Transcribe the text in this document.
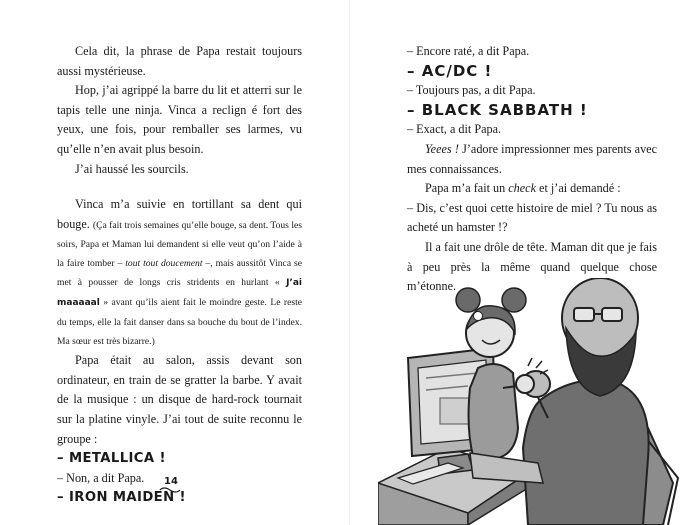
Cela dit, la phrase de Papa restait toujours aussi mystérieuse.

Hop, j’ai agrippé la barre du lit et atterri sur le tapis telle une ninja. Vinca a reclign é fort des yeux, une fois, pour remballer ses larmes, vu qu’elle n’en avait plus besoin.

J’ai haussé les sourcils.

Vinca m’a suivie en tortillant sa dent qui bouge. (Ça fait trois semaines qu’elle bouge, sa dent. Tous les soirs, Papa et Maman lui demandent si elle veut qu’on l’aide à la faire tomber – tout tout doucement –, mais aussitôt Vinca se met à pousser de longs cris stridents en hurlant « J’ai maaaaal » avant qu’ils aient fait le moindre geste. Le reste du temps, elle la fait danser dans sa bouche du bout de l’index. Ma sœur est très bizarre.)

Papa était au salon, assis devant son ordinateur, en train de se gratter la barbe. Y avait de la musique : un disque de hard-rock tournait sur la platine vinyle. J’ai tout de suite reconnu le groupe :

– METALLICA !

– Non, a dit Papa.

– IRON MAIDEN !

14

– Encore raté, a dit Papa.

– AC/DC !

– Toujours pas, a dit Papa.

– BLACK SABBATH !

– Exact, a dit Papa.

Yeees ! J’adore impressionner mes parents avec mes connaissances.

Papa m’a fait un check et j’ai demandé :

– Dis, c’est quoi cette histoire de miel ? Tu nous as acheté un hamster !?

Il a fait une drôle de tête. Maman dit que je fais à peu près la même quand quelque chose m’étonne.
